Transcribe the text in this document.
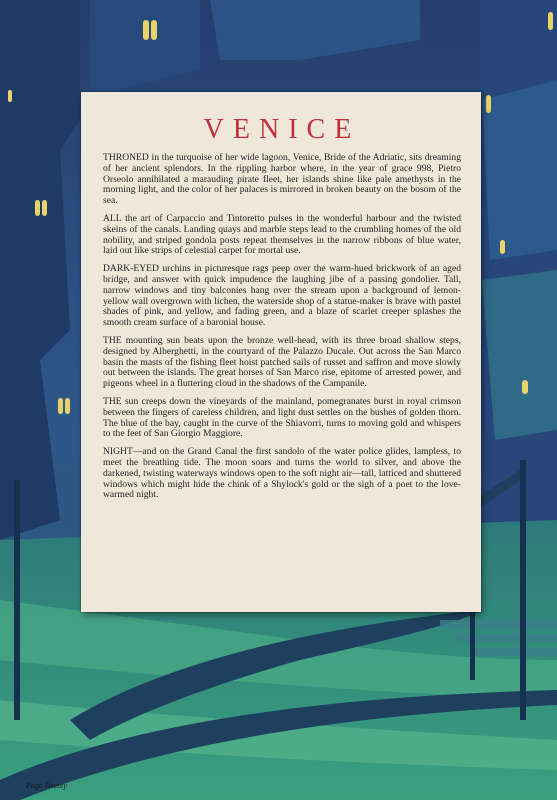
VENICE

THRONED in the turquoise of her wide lagoon, Venice, Bride of the Adriatic, sits dreaming of her ancient splendors. In the rippling harbor where, in the year of grace 998, Pietro Orseolo annihilated a marauding pirate fleet, her islands shine like pale amethysts in the morning light, and the color of her palaces is mirrored in broken beauty on the bosom of the sea.

ALL the art of Carpaccio and Tintoretto pulses in the wonderful harbour and the twisted skeins of the canals. Landing quays and marble steps lead to the crumbling homes of the old nobility, and striped gondola posts repeat themselves in the narrow ribbons of blue water, laid out like strips of celestial carpet for mortal use.

DARK-EYED urchins in picturesque rags peep over the warm-hued brickwork of an aged bridge, and answer with quick impudence the laughing jibe of a passing gondolier. Tall, narrow windows and tiny balconies hang over the stream upon a background of lemon-yellow wall overgrown with lichen, the waterside shop of a statue-maker is brave with pastel shades of pink, and yellow, and fading green, and a blaze of scarlet creeper splashes the smooth cream surface of a baronial house.

THE mounting sun beats upon the bronze well-head, with its three broad shallow steps, designed by Alberghetti, in the courtyard of the Palazzo Ducale. Out across the San Marco basin the masts of the fishing fleet hoist patched sails of russet and saffron and move slowly out between the islands. The great horses of San Marco rise, epitome of arrested power, and pigeons wheel in a fluttering cloud in the shadows of the Campanile.

THE sun creeps down the vineyards of the mainland, pomegranates burst in royal crimson between the fingers of careless children, and light dust settles on the bushes of golden thorn. The blue of the bay, caught in the curve of the Shiavorri, turns to moving gold and whispers to the feet of San Giorgio Maggiore.

NIGHT—and on the Grand Canal the first sandolo of the water police glides, lampless, to meet the breathing tide. The moon soars and turns the world to silver, and above the darkened, twisting waterways windows open to the soft night air—tall, latticed and shuttered windows which might hide the chink of a Shylock's gold or the sigh of a poet to the love-warmed night.

Page Twenty
